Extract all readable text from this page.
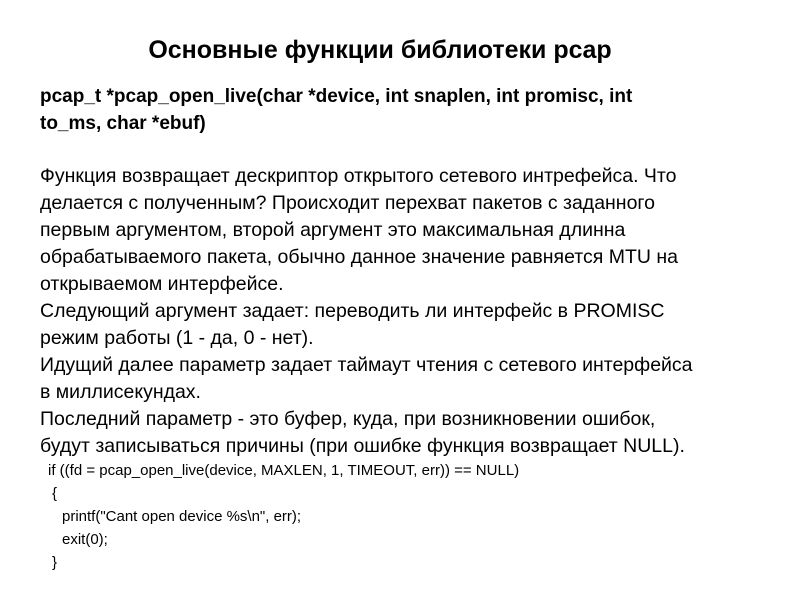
Основные функции библиотеки pcap
pcap_t *pcap_open_live(char *device, int snaplen, int promisc, int
to_ms, char *ebuf)
Функция возвращает дескриптор открытого сетевого интрефейса. Что
делается с полученным? Происходит перехват пакетов с заданного
первым аргументом, второй аргумент это максимальная длинна
обрабатываемого пакета, обычно данное значение равняется MTU на
открываемом интерфейсе.
Следующий аргумент задает: переводить ли интерфейс в PROMISC
режим работы (1 - да, 0 - нет).
Идущий далее параметр задает таймаут чтения с сетевого интерфейса
в миллисекундах.
Последний параметр - это буфер, куда, при возникновении ошибок,
будут записываться причины (при ошибке функция возвращает NULL).
if ((fd = pcap_open_live(device, MAXLEN, 1, TIMEOUT, err)) == NULL)
{
printf("Cant open device %s\n", err);
exit(0);
}
